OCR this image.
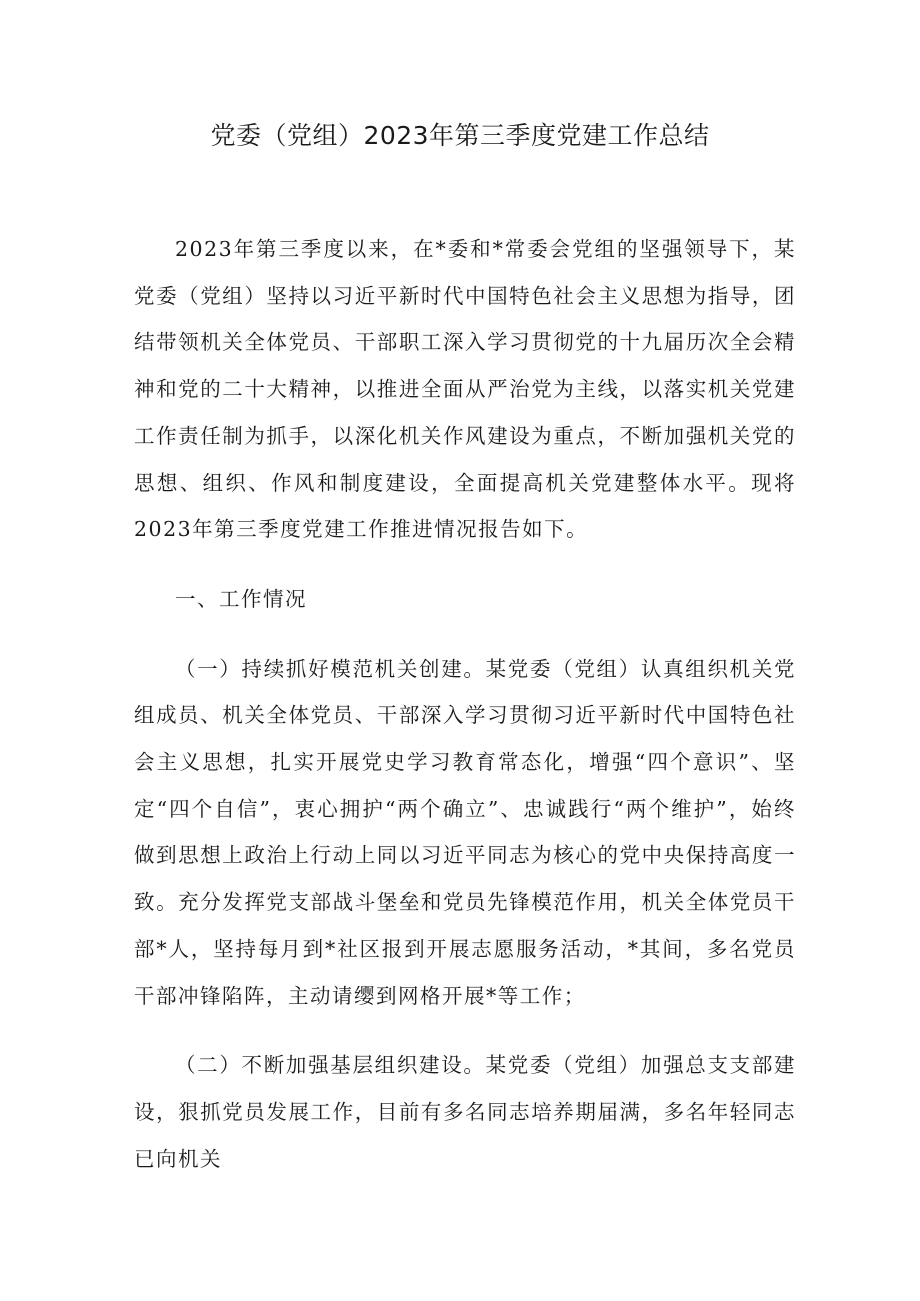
党委（党组）2023年第三季度党建工作总结

2023年第三季度以来，在*委和*常委会党组的坚强领导下，某党委（党组）坚持以习近平新时代中国特色社会主义思想为指导，团结带领机关全体党员、干部职工深入学习贯彻党的十九届历次全会精神和党的二十大精神，以推进全面从严治党为主线，以落实机关党建工作责任制为抓手，以深化机关作风建设为重点，不断加强机关党的思想、组织、作风和制度建设，全面提高机关党建整体水平。现将2023年第三季度党建工作推进情况报告如下。

一、工作情况

（一）持续抓好模范机关创建。某党委（党组）认真组织机关党组成员、机关全体党员、干部深入学习贯彻习近平新时代中国特色社会主义思想，扎实开展党史学习教育常态化，增强“四个意识”、坚定“四个自信”，衷心拥护“两个确立”、忠诚践行“两个维护”，始终做到思想上政治上行动上同以习近平同志为核心的党中央保持高度一致。充分发挥党支部战斗堡垒和党员先锋模范作用，机关全体党员干部*人，坚持每月到*社区报到开展志愿服务活动，*其间，多名党员干部冲锋陷阵，主动请缨到网格开展*等工作；

（二）不断加强基层组织建设。某党委（党组）加强总支支部建设，狠抓党员发展工作，目前有多名同志培养期届满，多名年轻同志已向机关
